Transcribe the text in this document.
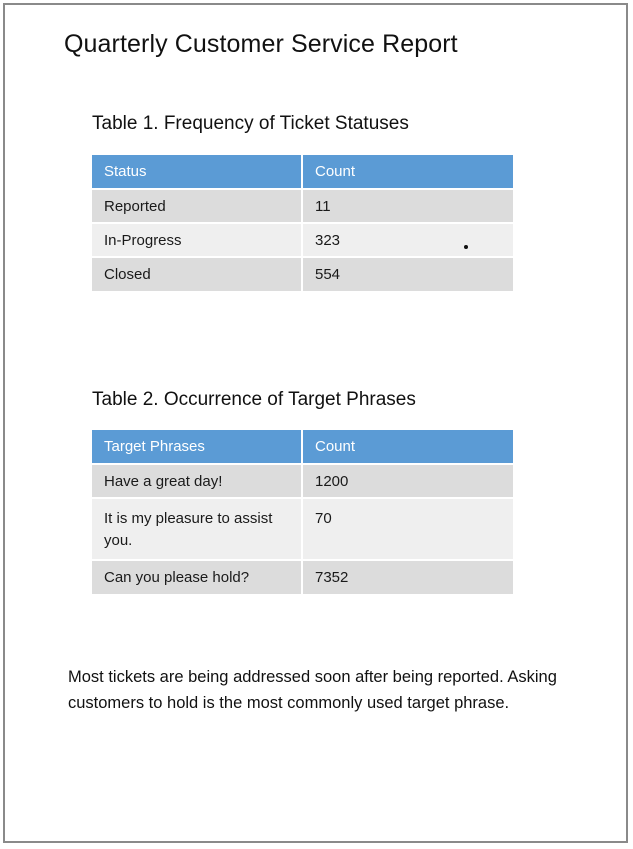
Quarterly Customer Service Report
Table 1. Frequency of Ticket Statuses
Status	Count
Reported	11
In-Progress	323
Closed	554
Table 2. Occurrence of Target Phrases
Target Phrases	Count
Have a great day!	1200
It is my pleasure to assist you.	70
Can you please hold?	7352
Most tickets are being addressed soon after being reported. Asking customers to hold is the most commonly used target phrase.
